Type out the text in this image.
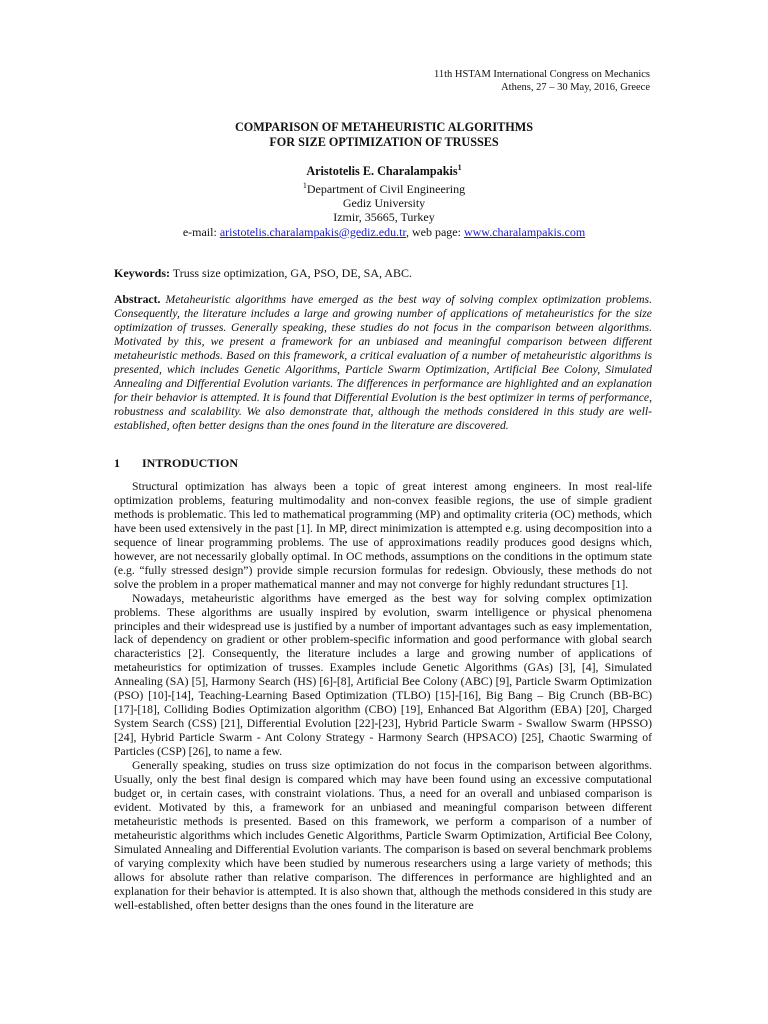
11th HSTAM International Congress on Mechanics
Athens, 27 – 30 May, 2016, Greece
COMPARISON OF METAHEURISTIC ALGORITHMS
FOR SIZE OPTIMIZATION OF TRUSSES
Aristotelis E. Charalampakis$^1$
$^1$Department of Civil Engineering
Gediz University
Izmir, 35665, Turkey
e-mail: aristotelis.charalampakis@gediz.edu.tr, web page: www.charalampakis.com
Keywords: Truss size optimization, GA, PSO, DE, SA, ABC.
Abstract. Metaheuristic algorithms have emerged as the best way of solving complex optimization problems. Consequently, the literature includes a large and growing number of applications of metaheuristics for the size optimization of trusses. Generally speaking, these studies do not focus in the comparison between algorithms. Motivated by this, we present a framework for an unbiased and meaningful comparison between different metaheuristic methods. Based on this framework, a critical evaluation of a number of metaheuristic algorithms is presented, which includes Genetic Algorithms, Particle Swarm Optimization, Artificial Bee Colony, Simulated Annealing and Differential Evolution variants. The differences in performance are highlighted and an explanation for their behavior is attempted. It is found that Differential Evolution is the best optimizer in terms of performance, robustness and scalability. We also demonstrate that, although the methods considered in this study are well-established, often better designs than the ones found in the literature are discovered.
1 INTRODUCTION

Structural optimization has always been a topic of great interest among engineers. In most real-life optimization problems, featuring multimodality and non-convex feasible regions, the use of simple gradient methods is problematic. This led to mathematical programming (MP) and optimality criteria (OC) methods, which have been used extensively in the past [1]. In MP, direct minimization is attempted e.g. using decomposition into a sequence of linear programming problems. The use of approximations readily produces good designs which, however, are not necessarily globally optimal. In OC methods, assumptions on the conditions in the optimum state (e.g. “fully stressed design”) provide simple recursion formulas for redesign. Obviously, these methods do not solve the problem in a proper mathematical manner and may not converge for highly redundant structures [1].

Nowadays, metaheuristic algorithms have emerged as the best way for solving complex optimization problems. These algorithms are usually inspired by evolution, swarm intelligence or physical phenomena principles and their widespread use is justified by a number of important advantages such as easy implementation, lack of dependency on gradient or other problem-specific information and good performance with global search characteristics [2]. Consequently, the literature includes a large and growing number of applications of metaheuristics for optimization of trusses. Examples include Genetic Algorithms (GAs) [3], [4], Simulated Annealing (SA) [5], Harmony Search (HS) [6]-[8], Artificial Bee Colony (ABC) [9], Particle Swarm Optimization (PSO) [10]-[14], Teaching-Learning Based Optimization (TLBO) [15]-[16], Big Bang – Big Crunch (BB-BC) [17]-[18], Colliding Bodies Optimization algorithm (CBO) [19], Enhanced Bat Algorithm (EBA) [20], Charged System Search (CSS) [21], Differential Evolution [22]-[23], Hybrid Particle Swarm - Swallow Swarm (HPSSO) [24], Hybrid Particle Swarm - Ant Colony Strategy - Harmony Search (HPSACO) [25], Chaotic Swarming of Particles (CSP) [26], to name a few.

Generally speaking, studies on truss size optimization do not focus in the comparison between algorithms. Usually, only the best final design is compared which may have been found using an excessive computational budget or, in certain cases, with constraint violations. Thus, a need for an overall and unbiased comparison is evident. Motivated by this, a framework for an unbiased and meaningful comparison between different metaheuristic methods is presented. Based on this framework, we perform a comparison of a number of metaheuristic algorithms which includes Genetic Algorithms, Particle Swarm Optimization, Artificial Bee Colony, Simulated Annealing and Differential Evolution variants. The comparison is based on several benchmark problems of varying complexity which have been studied by numerous researchers using a large variety of methods; this allows for absolute rather than relative comparison. The differences in performance are highlighted and an explanation for their behavior is attempted. It is also shown that, although the methods considered in this study are well-established, often better designs than the ones found in the literature are
